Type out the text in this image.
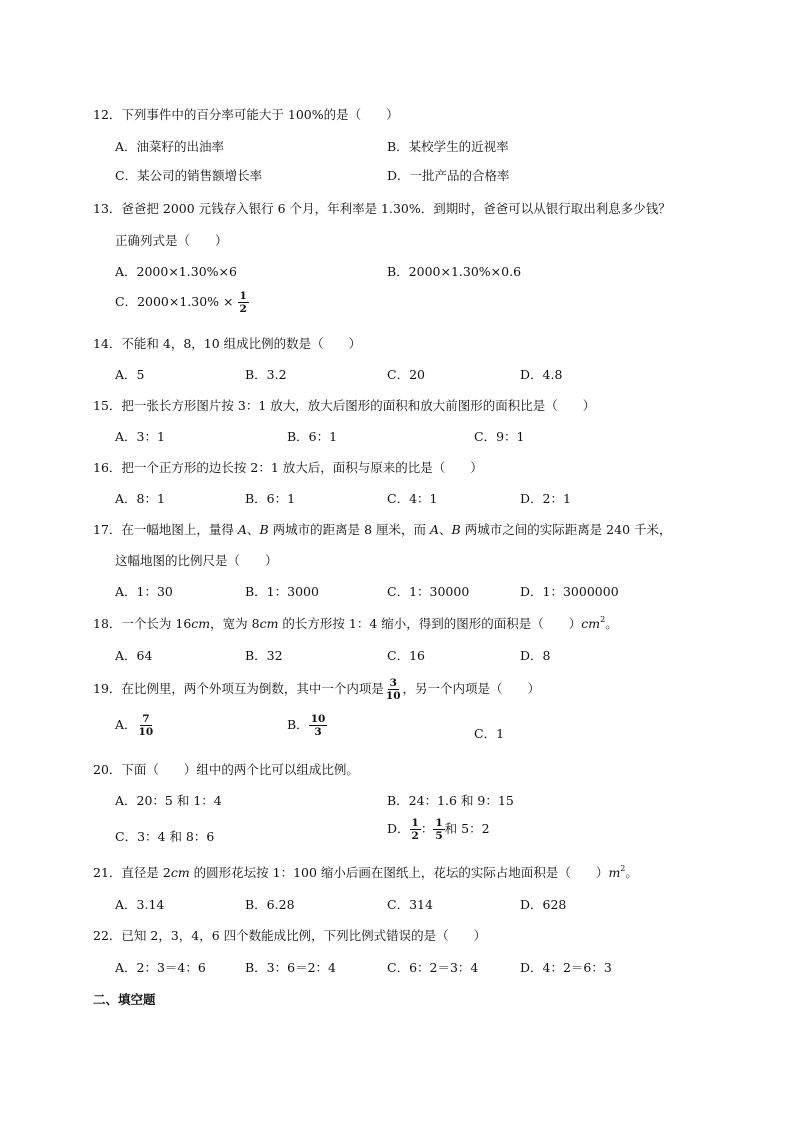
12．下列事件中的百分率可能大于 100%的是（　　）
A．油菜籽的出油率	B．某校学生的近视率
C．某公司的销售额增长率	D．一批产品的合格率
13．爸爸把 2000 元钱存入银行 6 个月，年利率是 1.30%．到期时，爸爸可以从银行取出利息多少钱？
正确列式是（　　）
A．2000×1.30%×6	B．2000×1.30%×0.6
C．$2000\times 1.30\% \times \frac{1}{2}$
14．不能和 4，8，10 组成比例的数是（　　）
A．5	B．3.2	C．20	D．4.8
15．把一张长方形图片按 3：1 放大，放大后图形的面积和放大前图形的面积比是（　　）
A．3：1	B．6：1	C．9：1
16．把一个正方形的边长按 2：1 放大后，面积与原来的比是（　　）
A．8：1	B．6：1	C．4：1	D．2：1
17．在一幅地图上，量得 A、B 两城市的距离是 8 厘米，而 A、B 两城市之间的实际距离是 240 千米，
这幅地图的比例尺是（　　）
A．1：30	B．1：3000	C．1：30000	D．1：3000000
18．一个长为 16cm，宽为 8cm 的长方形按 1：4 缩小，得到的图形的面积是（　　）$cm^2$。
A．64	B．32	C．16	D．8
19．在比例里，两个外项互为倒数，其中一个内项是 $\frac{3}{10}$ ，另一个内项是（　　）
A． $\frac{7}{10}$	B． $\frac{10}{3}$	C．1
20．下面（　　）组中的两个比可以组成比例。
A．20：5 和 1：4	B．24：1.6 和 9：15
C．3：4 和 8：6
D． $\frac{1}{2}$ ： $\frac{1}{5}$ 和 5：2
21．直径是 2cm 的圆形花坛按 1：100 缩小后画在图纸上，花坛的实际占地面积是（　　）$m^2$。
A．3.14	B．6.28	C．314	D．628
22．已知 2，3，4，6 四个数能成比例，下列比例式错误的是（　　）
A．2：3＝4：6	B．3：6＝2：4	C．6：2＝3：4	D．4：2＝6：3
二、填空题
